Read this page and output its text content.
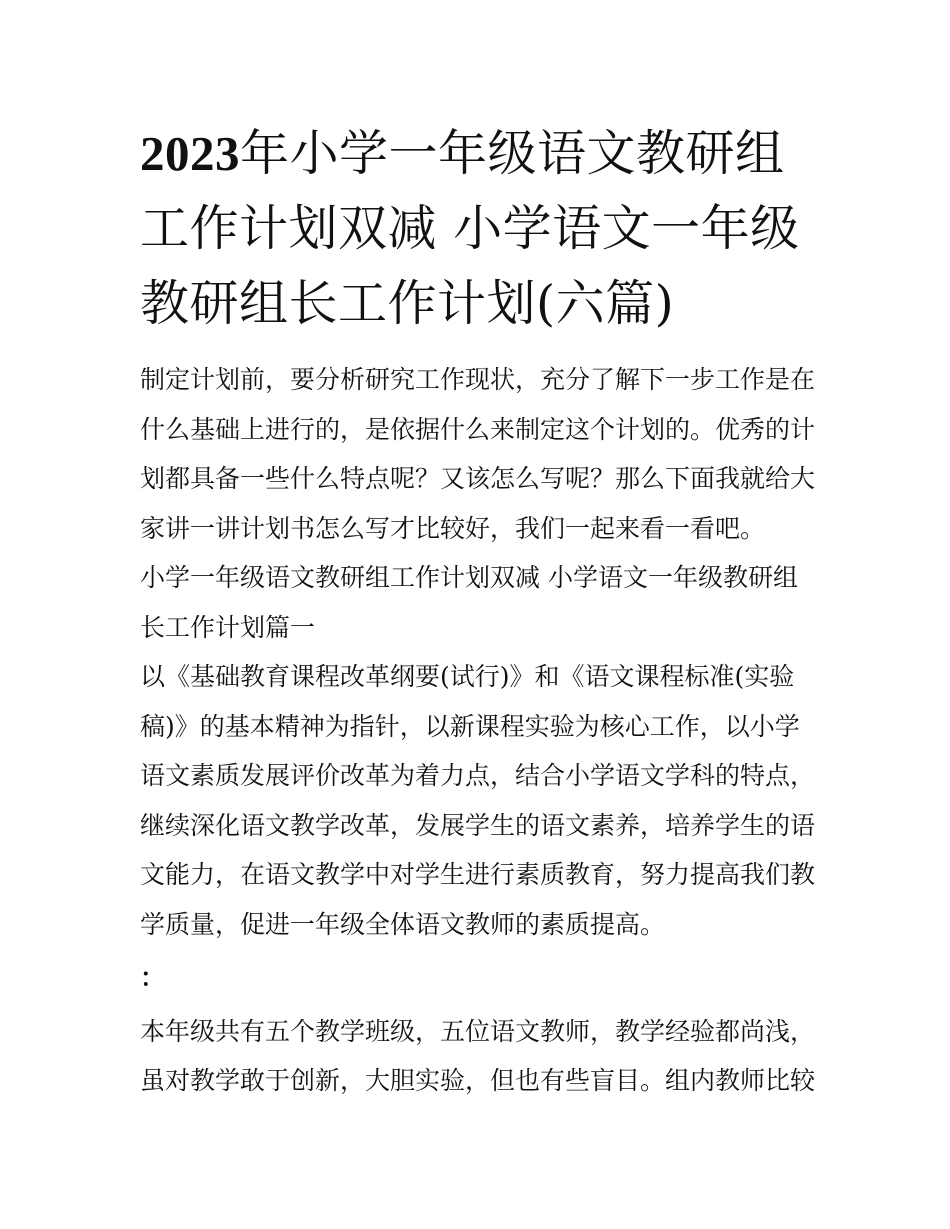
2023年小学一年级语文教研组
工作计划双减 小学语文一年级
教研组长工作计划(六篇)
制定计划前，要分析研究工作现状，充分了解下一步工作是在
什么基础上进行的，是依据什么来制定这个计划的。优秀的计
划都具备一些什么特点呢？又该怎么写呢？那么下面我就给大
家讲一讲计划书怎么写才比较好，我们一起来看一看吧。
小学一年级语文教研组工作计划双减 小学语文一年级教研组
长工作计划篇一
以《基础教育课程改革纲要(试行)》和《语文课程标准(实验
稿)》的基本精神为指针，以新课程实验为核心工作，以小学
语文素质发展评价改革为着力点，结合小学语文学科的特点，
继续深化语文教学改革，发展学生的语文素养，培养学生的语
文能力，在语文教学中对学生进行素质教育，努力提高我们教
学质量，促进一年级全体语文教师的素质提高。
：
本年级共有五个教学班级，五位语文教师，教学经验都尚浅，
虽对教学敢于创新，大胆实验，但也有些盲目。组内教师比较
